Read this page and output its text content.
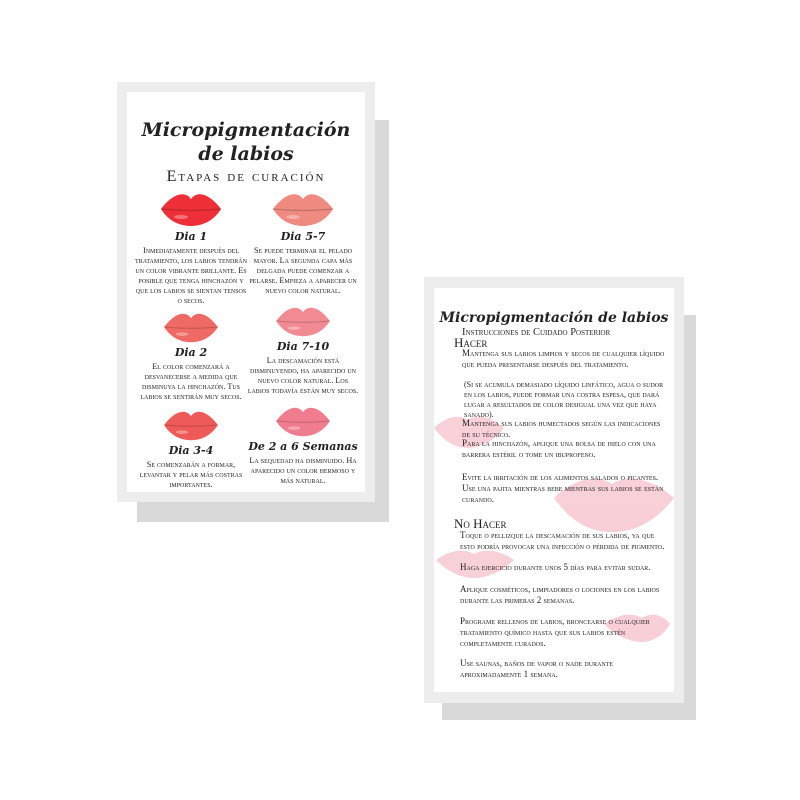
Micropigmentación de labios
Etapas de curación
Dia 1
Inmediatamente después del tratamiento, los labios tendrán un color vibrante brillante. Es posible que tenga hinchazón y que los labios se sientan tensos o secos.
Dia 5-7
Se puede terminar el pelado mayor. La segunda capa más delgada puede comenzar a pelarse. Empieza a aparecer un nuevo color natural.
Dia 2
El color comenzará a desvanecerse a medida que disminuya la hinchazón. Tus labios se sentirán muy secos.
Dia 7-10
La descamación está disminuyendo, ha aparecido un nuevo color natural. Los labios todavía están muy secos.
Dia 3-4
Se comenzarán a formar, levantar y pelar más costras importantes.
De 2 a 6 Semanas
La sequedad ha disminuido. Ha aparecido un color hermoso y más natural.
Micropigmentación de labios
Instrucciones de Cuidado Posterior
Hacer
Mantenga sus labios limpios y secos de cualquier líquido que pueda presentarse después del tratamiento.
(Si se acumula demasiado líquido linfático, agua o sudor en los labios, puede formar una costra espesa, que dará lugar a resultados de color desigual una vez que haya sanado).
Mantenga sus labios humectados según las indicaciones de su técnico.
Para la hinchazón, aplique una bolsa de hielo con una barrera estéril o tome un ibuprofeno.
Evite la irritación de los alimentos salados o picantes. Use una pajita mientras bebe mientras sus labios se están curando.
No Hacer
Toque o pellizque la descamación de sus labios, ya que esto podría provocar una infección o pérdida de pigmento.
Haga ejercicio durante unos 5 días para evitar sudar.
Aplique cosméticos, limpiadores o lociones en los labios durante las primeras 2 semanas.
Programe rellenos de labios, broncearse o cualquier tratamiento químico hasta que sus labios estén completamente curados.
Use saunas, baños de vapor o nade durante aproximadamente 1 semana.
